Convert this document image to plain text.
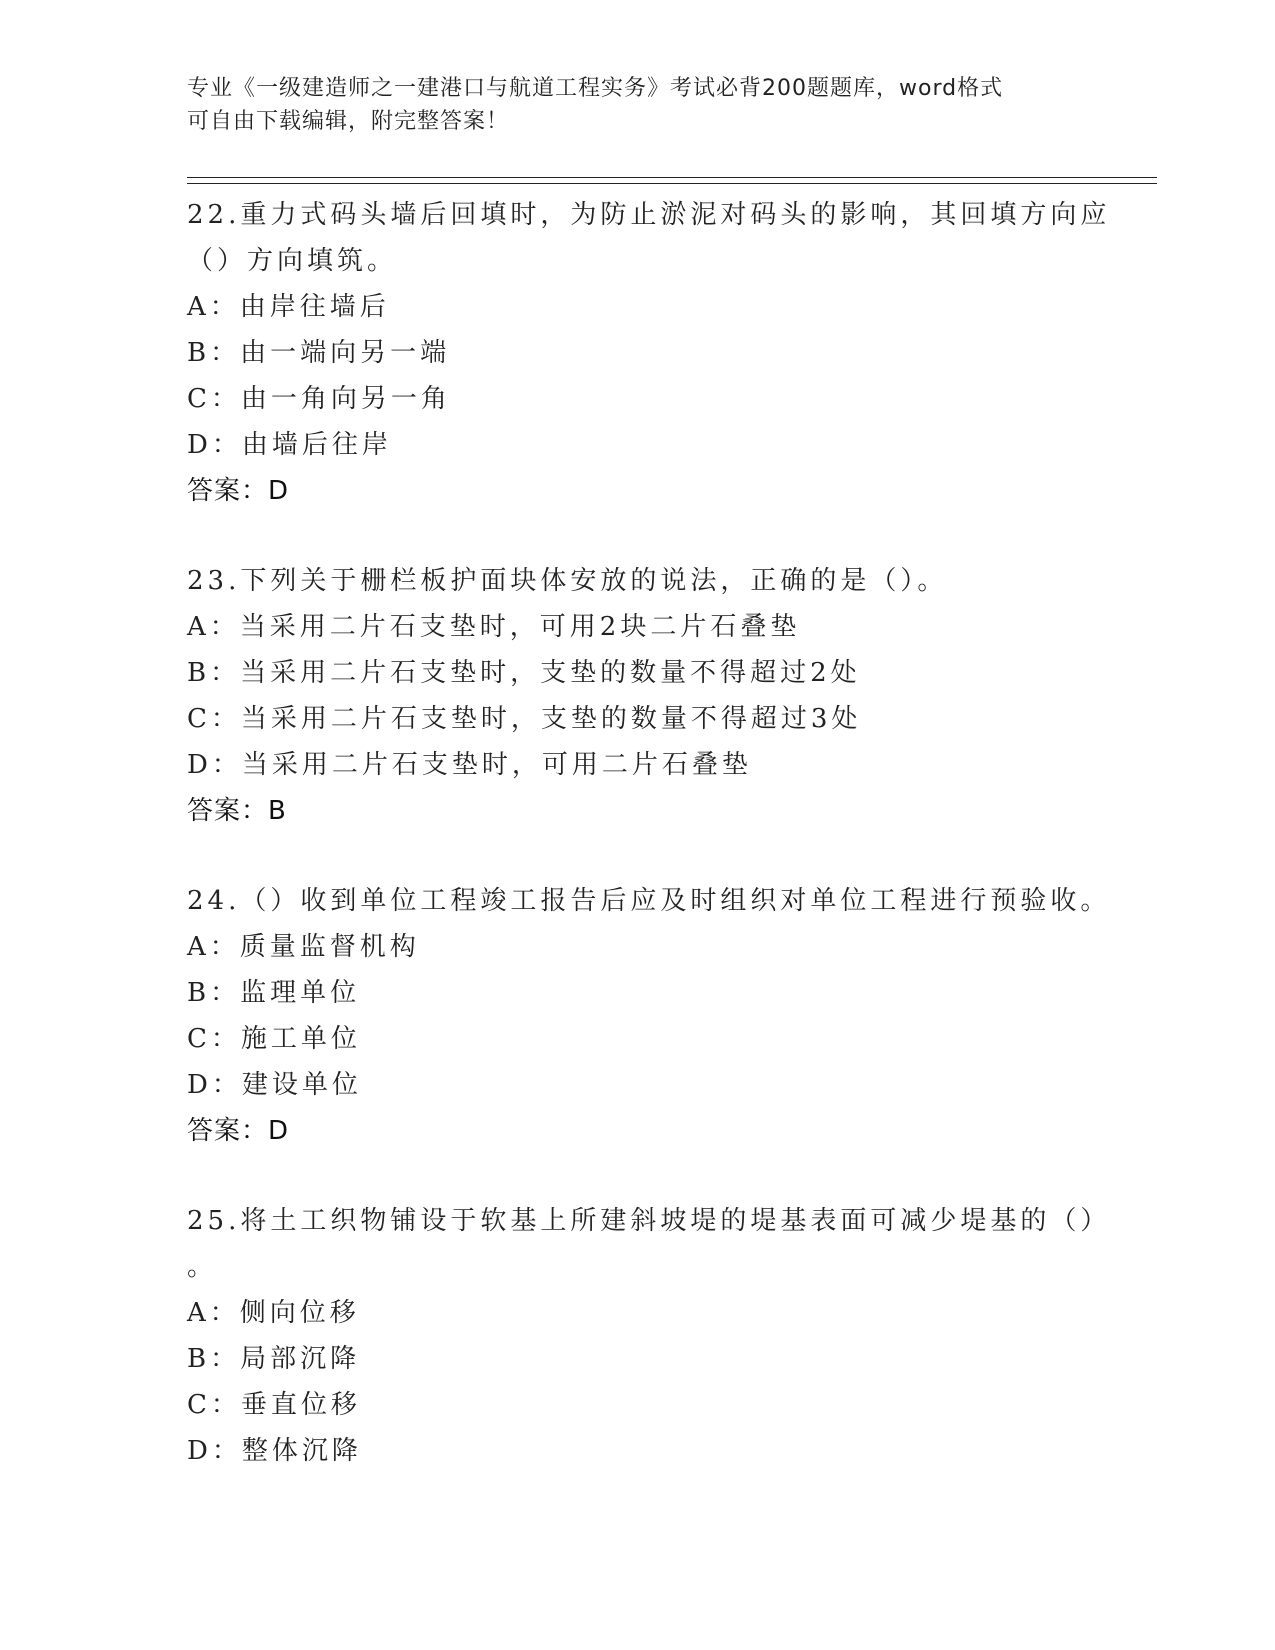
专业《一级建造师之一建港口与航道工程实务》考试必背200题题库，word格式
可自由下载编辑，附完整答案！
22.重力式码头墙后回填时，为防止淤泥对码头的影响，其回填方向应
（）方向填筑。
A：由岸往墙后
B：由一端向另一端
C：由一角向另一角
D：由墙后往岸
答案：D
23.下列关于栅栏板护面块体安放的说法，正确的是（）。
A：当采用二片石支垫时，可用2块二片石叠垫
B：当采用二片石支垫时，支垫的数量不得超过2处
C：当采用二片石支垫时，支垫的数量不得超过3处
D：当采用二片石支垫时，可用二片石叠垫
答案：B
24.（）收到单位工程竣工报告后应及时组织对单位工程进行预验收。
A：质量监督机构
B：监理单位
C：施工单位
D：建设单位
答案：D
25.将土工织物铺设于软基上所建斜坡堤的堤基表面可减少堤基的（）
。
A：侧向位移
B：局部沉降
C：垂直位移
D：整体沉降
